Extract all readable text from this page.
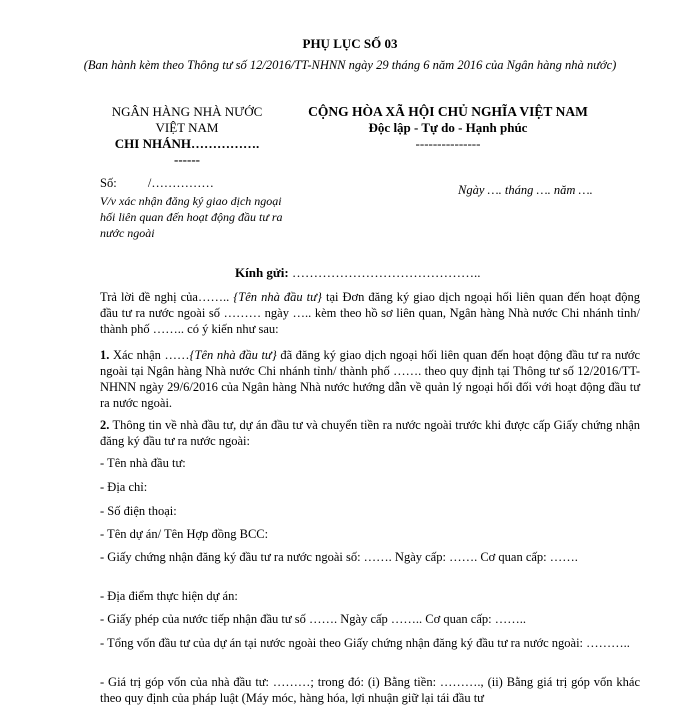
PHỤ LỤC SỐ 03
(Ban hành kèm theo Thông tư số 12/2016/TT-NHNN ngày 29 tháng 6 năm 2016 của Ngân hàng nhà nước)
NGÂN HÀNG NHÀ NƯỚC
VIỆT NAM
CHI NHÁNH…………….
------
CỘNG HÒA XÃ HỘI CHỦ NGHĨA VIỆT NAM
Độc lập - Tự do - Hạnh phúc
---------------
Số:          /……………
V/v xác nhận đăng ký giao dịch ngoại hối liên quan đến hoạt động đầu tư ra nước ngoài
Ngày …. tháng …. năm ….
Kính gửi: ……………………………………..
Trả lời đề nghị của…….. {Tên nhà đầu tư} tại Đơn đăng ký giao dịch ngoại hối liên quan đến hoạt động đầu tư ra nước ngoài số ……… ngày ….. kèm theo hồ sơ liên quan, Ngân hàng Nhà nước Chi nhánh tỉnh/ thành phố …….. có ý kiến như sau:
1. Xác nhận ……{Tên nhà đầu tư} đã đăng ký giao dịch ngoại hối liên quan đến hoạt động đầu tư ra nước ngoài tại Ngân hàng Nhà nước Chi nhánh tỉnh/ thành phố ……. theo quy định tại Thông tư số 12/2016/TT-NHNN ngày 29/6/2016 của Ngân hàng Nhà nước hướng dẫn về quản lý ngoại hối đối với hoạt động đầu tư ra nước ngoài.
2. Thông tin về nhà đầu tư, dự án đầu tư và chuyển tiền ra nước ngoài trước khi được cấp Giấy chứng nhận đăng ký đầu tư ra nước ngoài:
- Tên nhà đầu tư:
- Địa chỉ:
- Số điện thoại:
- Tên dự án/ Tên Hợp đồng BCC:
- Giấy chứng nhận đăng ký đầu tư ra nước ngoài số: ……. Ngày cấp: ……. Cơ quan cấp: …….
- Địa điểm thực hiện dự án:
- Giấy phép của nước tiếp nhận đầu tư số ……. Ngày cấp …….. Cơ quan cấp: ……..
- Tổng vốn đầu tư của dự án tại nước ngoài theo Giấy chứng nhận đăng ký đầu tư ra nước ngoài: ………..
- Giá trị góp vốn của nhà đầu tư: ………; trong đó: (i) Bằng tiền: ………., (ii) Bằng giá trị góp vốn khác theo quy định của pháp luật (Máy móc, hàng hóa, lợi nhuận giữ lại tái đầu tư
